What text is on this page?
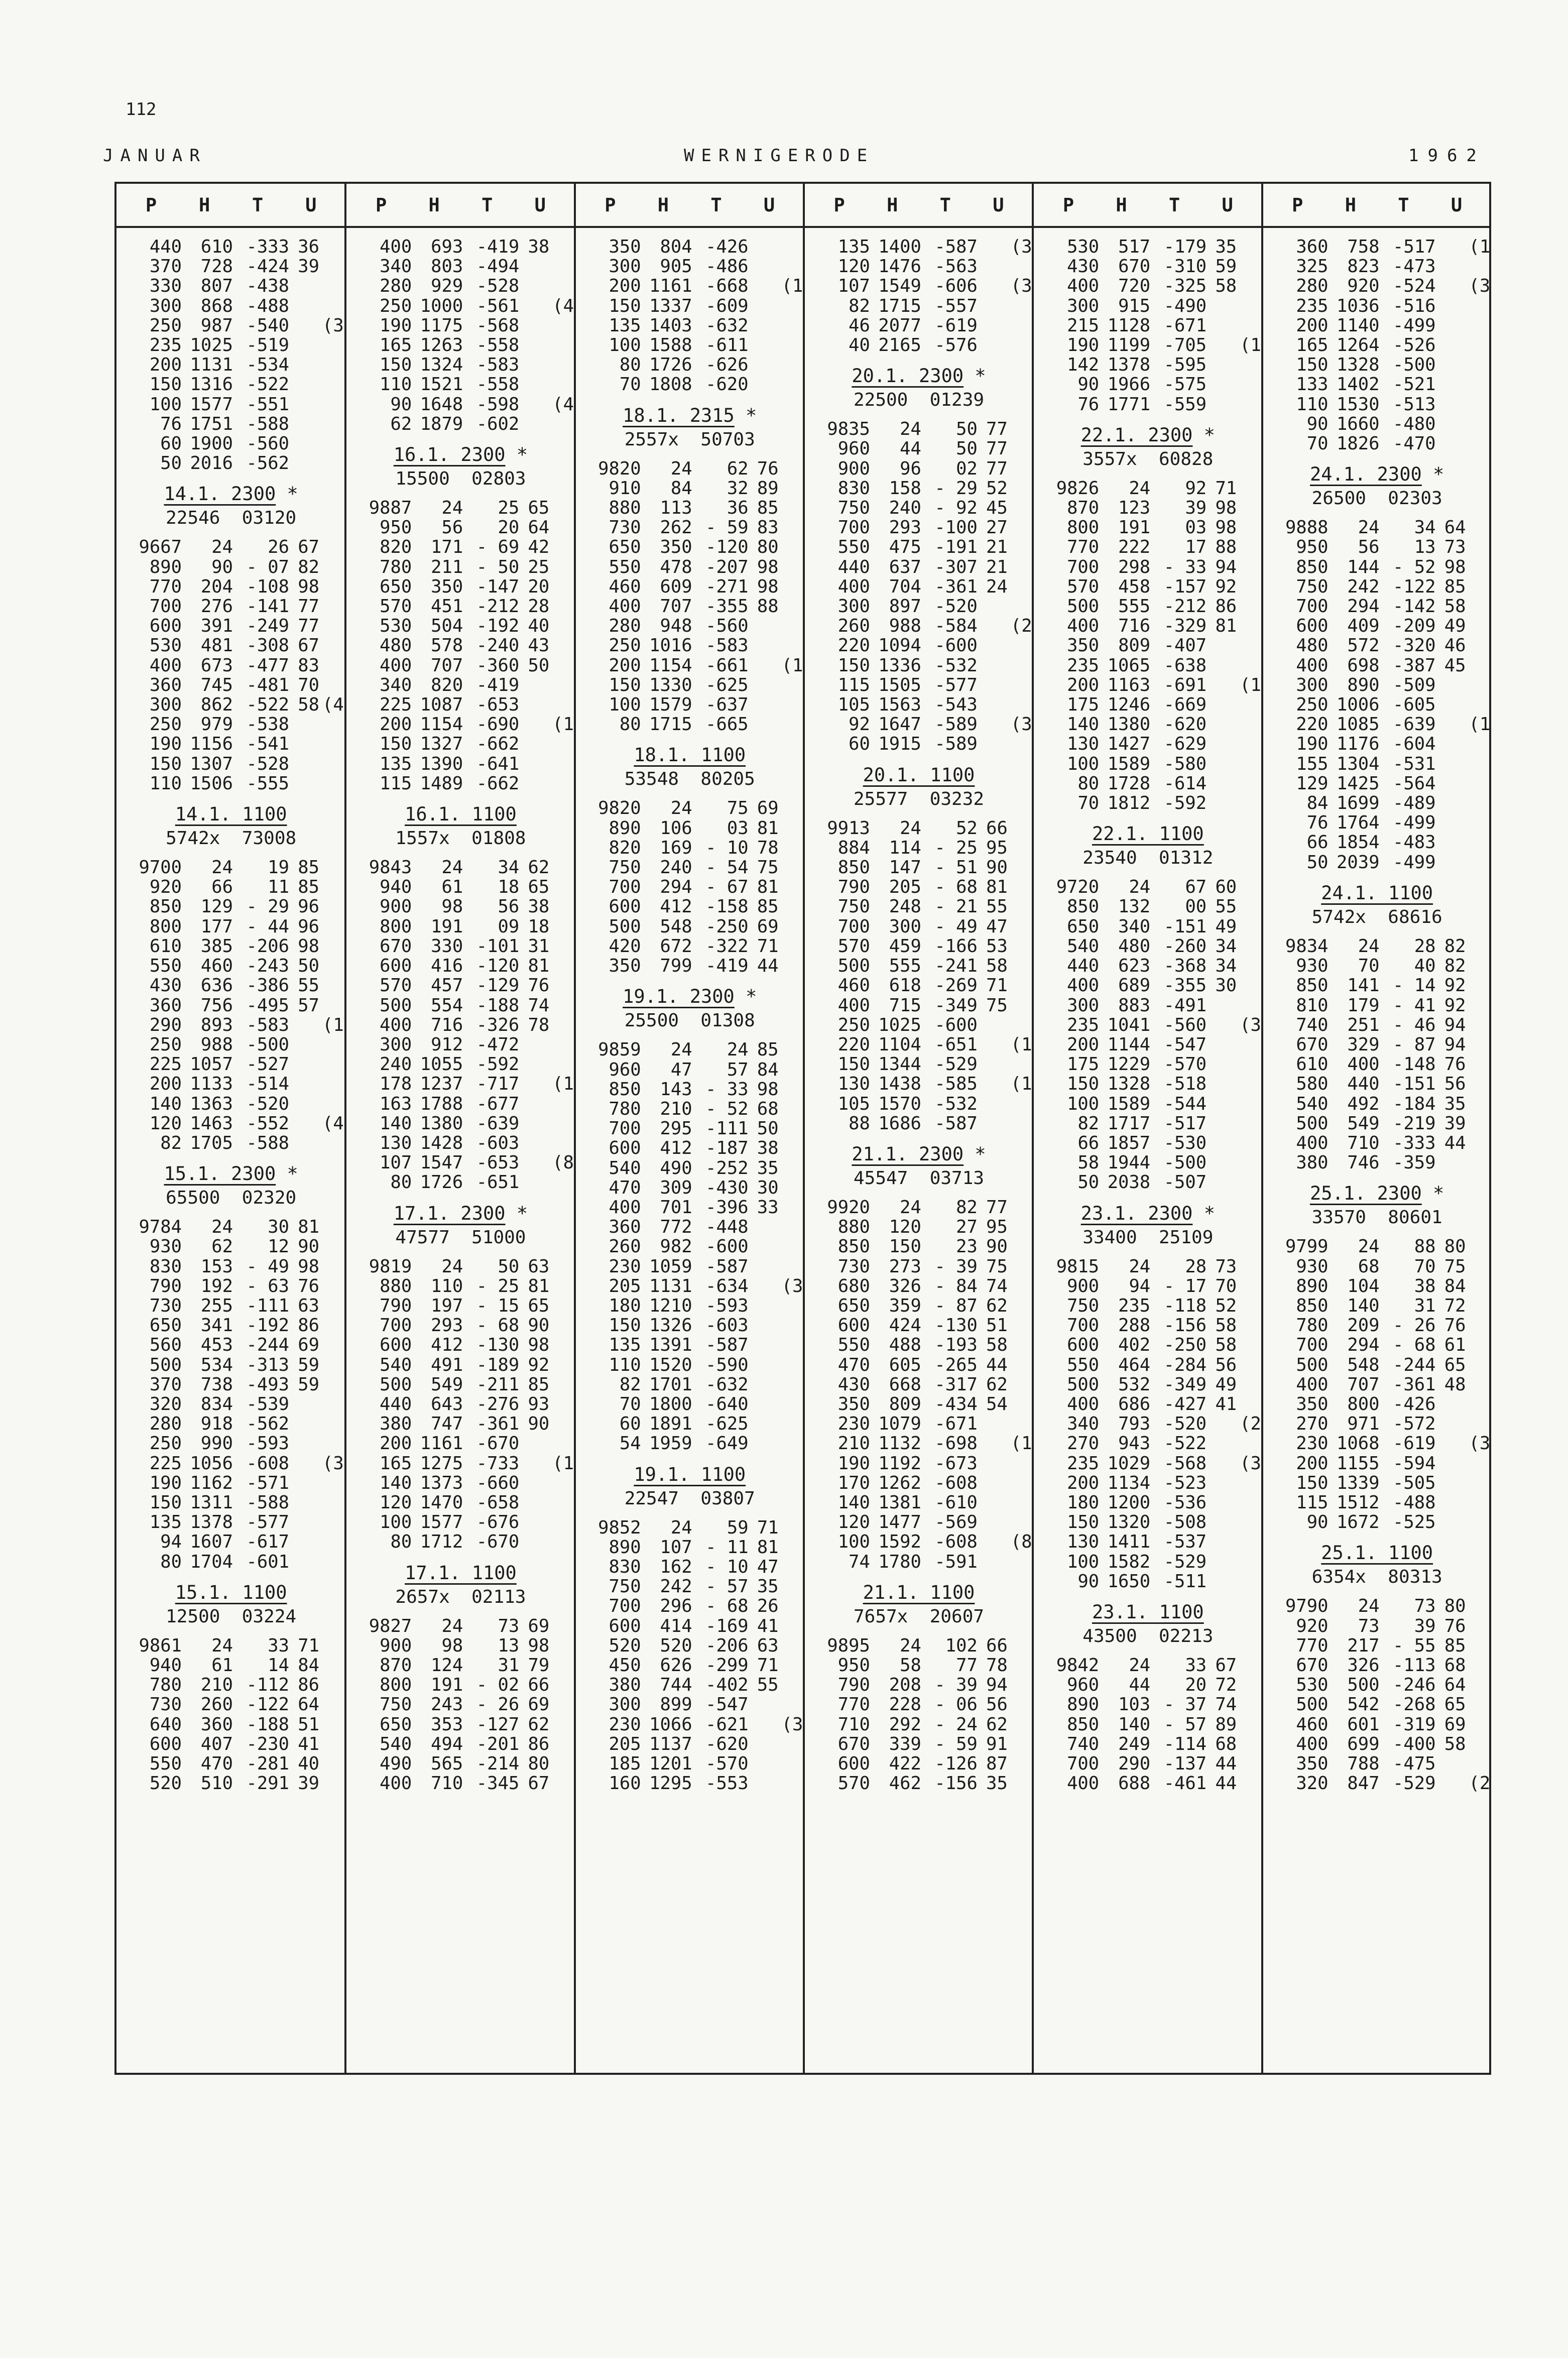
112
JANUAR	WERNIGERODE	1962
P H T U
440	610 -333 36
370	728 -424 39
330	807 -438
300	868 -488
250	987 -540 (3
235 1025 -519
200 1131 -534
150 1316 -522
100 1577 -551
76 1751 -588
60 1900 -560
50 2016 -562
14.1. 2300 *
22546  03120
9667	24	26 67
890	90 - 07 82
770	204 -108 98
700	276 -141 77
600	391 -249 77
530	481 -308 67
400	673 -477 83
360	745 -481 70
300	862 -522 58 (4
250	979 -538
190 1156 -541
150 1307 -528
110 1506 -555
14.1. 1100
5742x  73008
9700	24	19 85
920	66	11 85
850	129 - 29 96
800	177 - 44 96
610	385 -206 98
550	460 -243 50
430	636 -386 55
360	756 -495 57
290	893 -583 (1
250	988 -500
225 1057 -527
200 1133 -514
140 1363 -520
120 1463 -552 (4
82 1705 -588
15.1. 2300 *
65500  02320
9784	24	30 81
930	62	12 90
830	153 - 49 98
790	192 - 63 76
730	255 -111 63
650	341 -192 86
560	453 -244 69
500	534 -313 59
370	738 -493 59
320	834 -539
280	918 -562
250	990 -593
225 1056 -608 (3
190 1162 -571
150 1311 -588
135 1378 -577
94 1607 -617
80 1704 -601
15.1. 1100
12500  03224
9861	24	33 71
940	61	14 84
780	210 -112 86
730	260 -122 64
640	360 -188 51
600	407 -230 41
550	470 -281 40
520	510 -291 39
P H T U
400	693 -419 38
340	803 -494
280	929 -528
250 1000 -561 (4
190 1175 -568
165 1263 -558
150 1324 -583
110 1521 -558
90 1648 -598 (4
62 1879 -602
16.1. 2300 *
15500  02803
9887	24	25 65
950	56	20 64
820	171 - 69 42
780	211 - 50 25
650	350 -147 20
570	451 -212 28
530	504 -192 40
480	578 -240 43
400	707 -360 50
340	820 -419
225 1087 -653
200 1154 -690 (1
150 1327 -662
135 1390 -641
115 1489 -662
16.1. 1100
1557x  01808
9843	24	34 62
940	61	18 65
900	98	56 38
800	191	09 18
670	330 -101 31
600	416 -120 81
570	457 -129 76
500	554 -188 74
400	716 -326 78
300	912 -472
240 1055 -592
178 1237 -717 (1
163 1788 -677
140 1380 -639
130 1428 -603
107 1547 -653 (8
80 1726 -651
17.1. 2300 *
47577  51000
9819	24	50 63
880	110 - 25 81
790	197 - 15 65
700	293 - 68 90
600	412 -130 98
540	491 -189 92
500	549 -211 85
440	643 -276 93
380	747 -361 90
200 1161 -670
165 1275 -733 (1
140 1373 -660
120 1470 -658
100 1577 -676
80 1712 -670
17.1. 1100
2657x  02113
9827	24	73 69
900	98	13 98
870	124	31 79
800	191 - 02 66
750	243 - 26 69
650	353 -127 62
540	494 -201 86
490	565 -214 80
400	710 -345 67
P H T U
350	804 -426
300	905 -486
200 1161 -668 (1
150 1337 -609
135 1403 -632
100 1588 -611
80 1726 -626
70 1808 -620
18.1. 2315 *
2557x  50703
9820	24	62 76
910	84	32 89
880	113	36 85
730	262 - 59 83
650	350 -120 80
550	478 -207 98
460	609 -271 98
400	707 -355 88
280	948 -560
250 1016 -583
200 1154 -661 (1
150 1330 -625
100 1579 -637
80 1715 -665
18.1. 1100
53548  80205
9820	24	75 69
890	106	03 81
820	169 - 10 78
750	240 - 54 75
700	294 - 67 81
600	412 -158 85
500	548 -250 69
420	672 -322 71
350	799 -419 44
19.1. 2300 *
25500  01308
9859	24	24 85
960	47	57 84
850	143 - 33 98
780	210 - 52 68
700	295 -111 50
600	412 -187 38
540	490 -252 35
470	309 -430 30
400	701 -396 33
360	772 -448
260	982 -600
230 1059 -587
205 1131 -634 (3
180 1210 -593
150 1326 -603
135 1391 -587
110 1520 -590
82 1701 -632
70 1800 -640
60 1891 -625
54 1959 -649
19.1. 1100
22547  03807
9852	24	59 71
890	107 - 11 81
830	162 - 10 47
750	242 - 57 35
700	296 - 68 26
600	414 -169 41
520	520 -206 63
450	626 -299 71
380	744 -402 55
300	899 -547
230 1066 -621 (3
205 1137 -620
185 1201 -570
160 1295 -553
P H T U
135 1400 -587 (3
120 1476 -563
107 1549 -606 (3
82 1715 -557
46 2077 -619
40 2165 -576
20.1. 2300 *
22500  01239
9835	24	50 77
960	44	50 77
900	96	02 77
830	158 - 29 52
750	240 - 92 45
700	293 -100 27
550	475 -191 21
440	637 -307 21
400	704 -361 24
300	897 -520
260	988 -584 (2
220 1094 -600
150 1336 -532
115 1505 -577
105 1563 -543
92 1647 -589 (3
60 1915 -589
20.1. 1100
25577  03232
9913	24	52 66
884	114 - 25 95
850	147 - 51 90
790	205 - 68 81
750	248 - 21 55
700	300 - 49 47
570	459 -166 53
500	555 -241 58
460	618 -269 71
400	715 -349 75
250 1025 -600
220 1104 -651 (1
150 1344 -529
130 1438 -585 (1
105 1570 -532
88 1686 -587
21.1. 2300 *
45547  03713
9920	24	82 77
880	120	27 95
850	150	23 90
730	273 - 39 75
680	326 - 84 74
650	359 - 87 62
600	424 -130 51
550	488 -193 58
470	605 -265 44
430	668 -317 62
350	809 -434 54
230 1079 -671
210 1132 -698 (1
190 1192 -673
170 1262 -608
140 1381 -610
120 1477 -569
100 1592 -608 (8
74 1780 -591
21.1. 1100
7657x  20607
9895	24	102 66
950	58	77 78
790	208 - 39 94
770	228 - 06 56
710	292 - 24 62
670	339 - 59 91
600	422 -126 87
570	462 -156 35
P H T U
530	517 -179 35
430	670 -310 59
400	720 -325 58
300	915 -490
215 1128 -671
190 1199 -705 (1
142 1378 -595
90 1966 -575
76 1771 -559
22.1. 2300 *
3557x  60828
9826	24	92 71
870	123	39 98
800	191	03 98
770	222	17 88
700	298 - 33 94
570	458 -157 92
500	555 -212 86
400	716 -329 81
350	809 -407
235 1065 -638
200 1163 -691 (1
175 1246 -669
140 1380 -620
130 1427 -629
100 1589 -580
80 1728 -614
70 1812 -592
22.1. 1100
23540  01312
9720	24	67 60
850	132	00 55
650	340 -151 49
540	480 -260 34
440	623 -368 34
400	689 -355 30
300	883 -491
235 1041 -560 (3
200 1144 -547
175 1229 -570
150 1328 -518
100 1589 -544
82 1717 -517
66 1857 -530
58 1944 -500
50 2038 -507
23.1. 2300 *
33400  25109
9815	24	28 73
900	94 - 17 70
750	235 -118 52
700	288 -156 58
600	402 -250 58
550	464 -284 56
500	532 -349 49
400	686 -427 41
340	793 -520 (2
270	943 -522
235 1029 -568 (3
200 1134 -523
180 1200 -536
150 1320 -508
130 1411 -537
100 1582 -529
90 1650 -511
23.1. 1100
43500  02213
9842	24	33 67
960	44	20 72
890	103 - 37 74
850	140 - 57 89
740	249 -114 68
700	290 -137 44
400	688 -461 44
P H T U
360	758 -517 (1
325	823 -473
280	920 -524 (3
235 1036 -516
200 1140 -499
165 1264 -526
150 1328 -500
133 1402 -521
110 1530 -513
90 1660 -480
70 1826 -470
24.1. 2300 *
26500  02303
9888	24	34 64
950	56	13 73
850	144 - 52 98
750	242 -122 85
700	294 -142 58
600	409 -209 49
480	572 -320 46
400	698 -387 45
300	890 -509
250 1006 -605
220 1085 -639 (1
190 1176 -604
155 1304 -531
129 1425 -564
84 1699 -489
76 1764 -499
66 1854 -483
50 2039 -499
24.1. 1100
5742x  68616
9834	24	28 82
930	70	40 82
850	141 - 14 92
810	179 - 41 92
740	251 - 46 94
670	329 - 87 94
610	400 -148 76
580	440 -151 56
540	492 -184 35
500	549 -219 39
400	710 -333 44
380	746 -359
25.1. 2300 *
33570  80601
9799	24	88 80
930	68	70 75
890	104	38 84
850	140	31 72
780	209 - 26 76
700	294 - 68 61
500	548 -244 65
400	707 -361 48
350	800 -426
270	971 -572
230 1068 -619 (3
200 1155 -594
150 1339 -505
115 1512 -488
90 1672 -525
25.1. 1100
6354x  80313
9790	24	73 80
920	73	39 76
770	217 - 55 85
670	326 -113 68
530	500 -246 64
500	542 -268 65
460	601 -319 69
400	699 -400 58
350	788 -475
320	847 -529 (2
